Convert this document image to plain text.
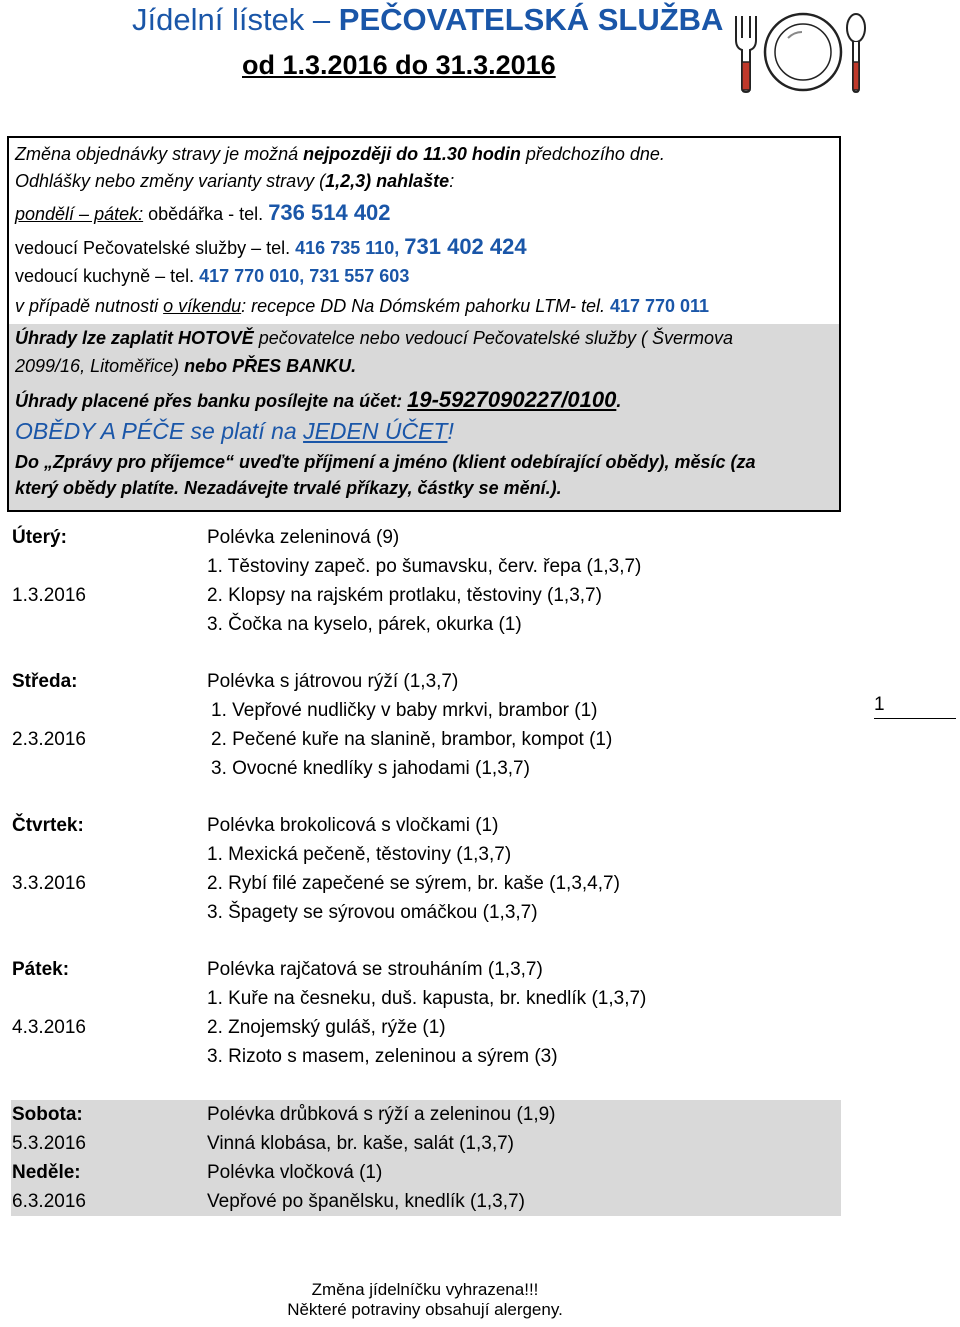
Jídelní lístek – PEČOVATELSKÁ SLUŽBA
od 1.3.2016 do 31.3.2016
Změna objednávky stravy je možná nejpozději do 11.30 hodin předchozího dne.
Odhlášky nebo změny varianty stravy (1,2,3) nahlašte:
pondělí – pátek: obědářka - tel. 736 514 402
vedoucí Pečovatelské služby – tel. 416 735 110, 731 402 424
vedoucí kuchyně – tel. 417 770 010, 731 557 603
v případě nutnosti o víkendu: recepce DD Na Dómském pahorku LTM- tel. 417 770 011
Úhrady lze zaplatit HOTOVĚ pečovatelce nebo vedoucí Pečovatelské služby ( Švermova
2099/16, Litoměřice) nebo PŘES BANKU.
Úhrady placené přes banku posílejte na účet: 19-5927090227/0100.
OBĚDY A PÉČE se platí na JEDEN ÚČET!
Do „Zprávy pro příjemce“ uveďte příjmení a jméno (klient odebírající obědy), měsíc (za
který obědy platíte. Nezadávejte trvalé příkazy, částky se mění.).
Úterý:	Polévka zeleninová (9)
1. Těstoviny zapeč. po šumavsku, červ. řepa (1,3,7)
1.3.2016	2. Klopsy na rajském protlaku, těstoviny (1,3,7)
3. Čočka na kyselo, párek, okurka (1)
Středa:	Polévka s játrovou rýží (1,3,7)
1. Vepřové nudličky v baby mrkvi, brambor (1)
2.3.2016	2. Pečené kuře na slanině, brambor, kompot (1)
3. Ovocné knedlíky s jahodami (1,3,7)
Čtvrtek:	Polévka brokolicová s vločkami (1)
1. Mexická pečeně, těstoviny (1,3,7)
3.3.2016	2. Rybí filé zapečené se sýrem, br. kaše (1,3,4,7)
3. Špagety se sýrovou omáčkou (1,3,7)
Pátek:	Polévka rajčatová se strouháním (1,3,7)
1. Kuře na česneku, duš. kapusta, br. knedlík (1,3,7)
4.3.2016	2. Znojemský guláš, rýže (1)
3. Rizoto s masem, zeleninou a sýrem (3)
Sobota:	Polévka drůbková s rýží a zeleninou (1,9)
5.3.2016	Vinná klobása, br. kaše, salát (1,3,7)
Neděle:	Polévka vločková (1)
6.3.2016	Vepřové po španělsku, knedlík (1,3,7)
1
Změna jídelníčku vyhrazena!!!
Některé potraviny obsahují alergeny.
